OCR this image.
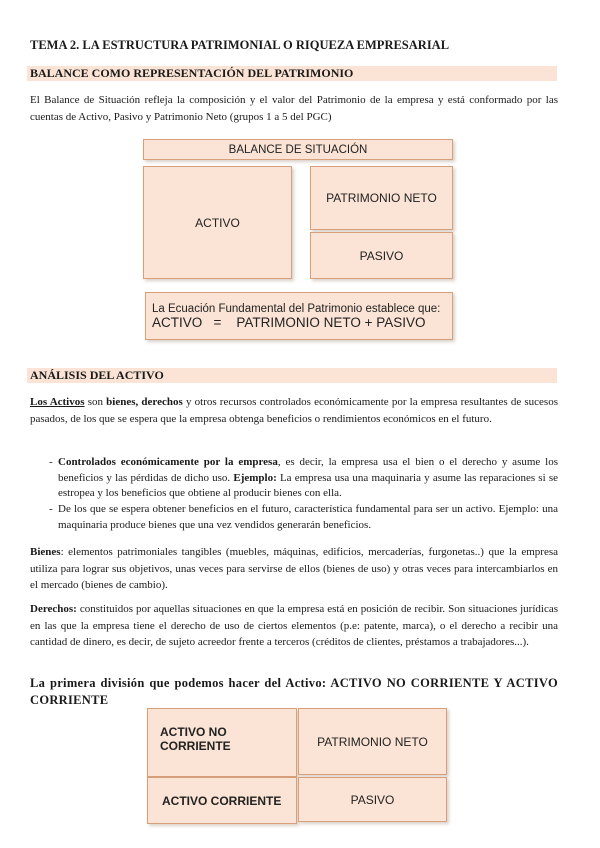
TEMA 2. LA ESTRUCTURA PATRIMONIAL O RIQUEZA EMPRESARIAL
BALANCE COMO REPRESENTACIÓN DEL PATRIMONIO
El Balance de Situación refleja la composición y el valor del Patrimonio de la empresa y está conformado por las cuentas de Activo, Pasivo y Patrimonio Neto (grupos 1 a 5 del PGC)
BALANCE DE SITUACIÓN
ACTIVO
PATRIMONIO NETO
PASIVO
La Ecuación Fundamental del Patrimonio establece que:
ACTIVO   =    PATRIMONIO NETO + PASIVO
ANÁLISIS DEL ACTIVO
Los Activos son bienes, derechos y otros recursos controlados económicamente por la empresa resultantes de sucesos pasados, de los que se espera que la empresa obtenga beneficios o rendimientos económicos en el futuro.
- Controlados económicamente por la empresa, es decir, la empresa usa el bien o el derecho y asume los beneficios y las pérdidas de dicho uso. Ejemplo: La empresa usa una maquinaria y asume las reparaciones si se estropea y los beneficios que obtiene al producir bienes con ella.
- De los que se espera obtener beneficios en el futuro, característica fundamental para ser un activo. Ejemplo: una maquinaria produce bienes que una vez vendidos generarán beneficios.
Bienes: elementos patrimoniales tangibles (muebles, máquinas, edificios, mercaderías, furgonetas..) que la empresa utiliza para lograr sus objetivos, unas veces para servirse de ellos (bienes de uso) y otras veces para intercambiarlos en el mercado (bienes de cambio).
Derechos: constituidos por aquellas situaciones en que la empresa está en posición de recibir. Son situaciones jurídicas en las que la empresa tiene el derecho de uso de ciertos elementos (p.e: patente, marca), o el derecho a recibir una cantidad de dinero, es decir, de sujeto acreedor frente a terceros (créditos de clientes, préstamos a trabajadores...).
La primera división que podemos hacer del Activo: ACTIVO NO CORRIENTE Y ACTIVO CORRIENTE
ACTIVO NO CORRIENTE
ACTIVO CORRIENTE
PATRIMONIO NETO
PASIVO
